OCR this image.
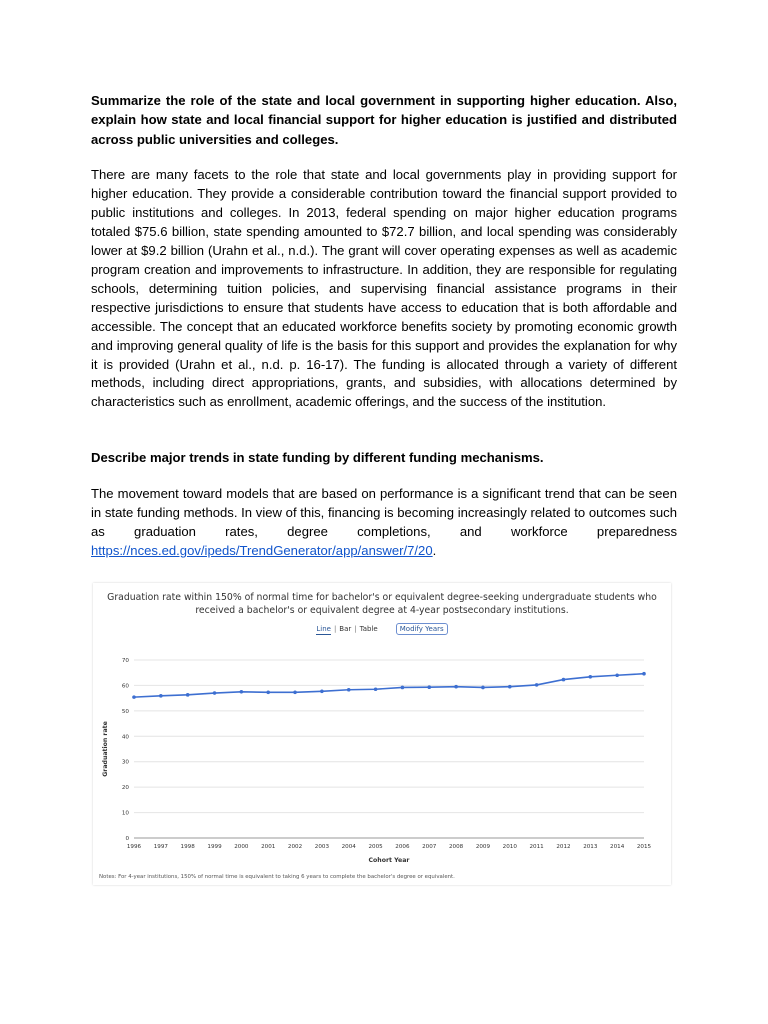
Summarize the role of the state and local government in supporting higher education. Also, explain how state and local financial support for higher education is justified and distributed across public universities and colleges.

There are many facets to the role that state and local governments play in providing support for higher education. They provide a considerable contribution toward the financial support provided to public institutions and colleges. In 2013, federal spending on major higher education programs totaled $75.6 billion, state spending amounted to $72.7 billion, and local spending was considerably lower at $9.2 billion (Urahn et al., n.d.). The grant will cover operating expenses as well as academic program creation and improvements to infrastructure. In addition, they are responsible for regulating schools, determining tuition policies, and supervising financial assistance programs in their respective jurisdictions to ensure that students have access to education that is both affordable and accessible. The concept that an educated workforce benefits society by promoting economic growth and improving general quality of life is the basis for this support and provides the explanation for why it is provided (Urahn et al., n.d. p. 16-17). The funding is allocated through a variety of different methods, including direct appropriations, grants, and subsidies, with allocations determined by characteristics such as enrollment, academic offerings, and the success of the institution.

Describe major trends in state funding by different funding mechanisms.

The movement toward models that are based on performance is a significant trend that can be seen in state funding methods. In view of this, financing is becoming increasingly related to outcomes such as graduation rates, degree completions, and workforce preparedness https://nces.ed.gov/ipeds/TrendGenerator/app/answer/7/20.

Graduation rate within 150% of normal time for bachelor's or equivalent degree-seeking undergraduate students who received a bachelor's or equivalent degree at 4-year postsecondary institutions.
Line | Bar | Table	Modify Years
0
10
20
30
40
50
60
70
1996 1997 1998 1999 2000 2001 2002 2003 2004 2005 2006 2007 2008 2009 2010 2011 2012 2013 2014 2015
Cohort Year
Graduation rate
Notes: For 4-year institutions, 150% of normal time is equivalent to taking 6 years to complete the bachelor's degree or equivalent.
